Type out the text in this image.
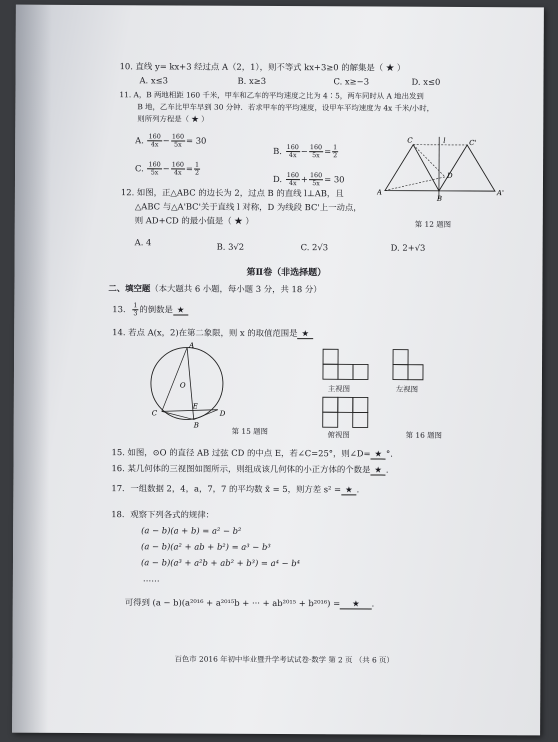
10. 直线 y= kx+3 经过点 A（2，1），则不等式 kx+3≥0 的解集是（ ★ ）
A. x≤3	B. x≥3	C. x≥−3	D. x≤0
11. A，B 两地相距 160 千米，甲车和乙车的平均速度之比为 4∶5，两车同时从 A 地出发到
B 地，乙车比甲车早到 30 分钟．若求甲车的平均速度，设甲车平均速度为 4x 千米/小时，
则所列方程是（ ★ ）
A. $\frac{160}{4x} - \frac{160}{5x} = 30$
B. $\frac{160}{4x} - \frac{160}{5x} = \frac{1}{2}$
C. $\frac{160}{5x} - \frac{160}{4x} = \frac{1}{2}$
D. $\frac{160}{4x} + \frac{160}{5x} = 30$
C	C'
A	A'
B
D
l
第 12 题图
12. 如图，正△ABC 的边长为 2，过点 B 的直线 l⊥AB，且
△ABC 与△A'BC'关于直线 l 对称，D 为线段 BC'上一动点，
则 AD+CD 的最小值是（ ★ ）
A. 4	B. 3√2	C. 2√3	D. 2+√3
第Ⅱ卷（非选择题）
二、填空题（本大题共 6 小题，每小题 3 分，共 18 分）
13． $\frac{1}{3}$ 的倒数是 ★
14. 若点 A(x，2)在第二象限，则 x 的取值范围是 ★
A
O
E
B
C	D
第 15 题图
主视图	左视图
俯视图	第 16 题图
15. 如图，⊙O 的直径 AB 过弦 CD 的中点 E，若∠C=25°，则∠D= ★ °．
16. 某几何体的三视图如图所示，则组成该几何体的小正方体的个数是 ★ ．
17．一组数据 2，4，a，7，7 的平均数 x̄ = 5，则方差 s² = ★ ．
18．观察下列各式的规律：
(a − b)(a + b) = a² − b²
(a − b)(a² + ab + b²) = a³ − b³
(a − b)(a³ + a²b + ab² + b³) = a⁴ − b⁴
……
可得到 (a − b)(a²⁰¹⁶ + a²⁰¹⁵b + ··· + ab²⁰¹⁵ + b²⁰¹⁶) = ★ ．
百色市 2016 年初中毕业暨升学考试试卷·数学 第 2 页 （共 6 页）
